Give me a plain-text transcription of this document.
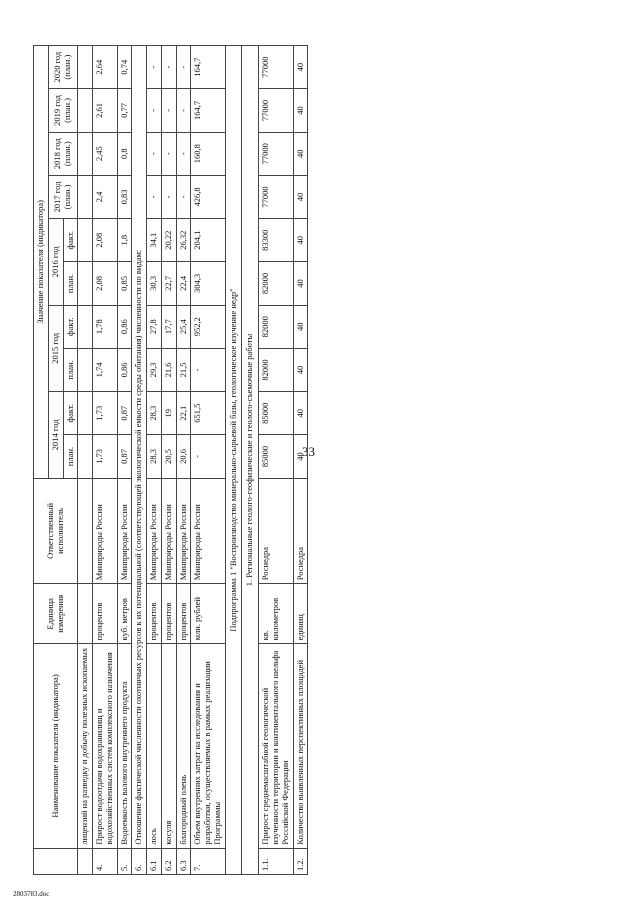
33
	Наименование показателя (индикатора)	Единица измерения	Ответственный исполнитель	Значение показателя (индикатора)									
				2014 год		2015 год		2016 год		2017 год (план.)	2018 год (план.)	2019 год (план.)	2020 год (план.)
				план.	факт.	план.	факт.	план.	факт.				
	лицензий на разведку и добычу полезных ископаемых												
4.	Прирост водоотдачи водохранилищ и водохозяйственных систем комплексного назначения	процентов	Минприроды России	1,73	1,73	1,74	1,78	2,08	2,08	2,4	2,45	2,61	2,64
5.	Водоемкость валового внутреннего продукта	куб. метров	Минприроды России	0,87	0,87	0,86	0,86	0,85	1,8	0,83	0,8	0,77	0,74
6.	Отношение фактической численности охотничьих ресурсов к их потенциальной (соответствующей экологической емкости среды обитания) численности по видам:												
6.1	лось	процентов	Минприроды России	28,3	28,3	29,3	27,8	30,3	34,1	-	-	-	-
6.2	косуля	процентов	Минприроды России	20,5	19	21,6	17,7	22,7	20,22	-	-	-	-
6.3	благородный олень	процентов	Минприроды России	20,6	22,1	21,5	25,4	22,4	26,32	-	-	-	-
7.	Объем внутренних затрат на исследования и разработки, осуществляемых в рамках реализации Программы	млн. рублей	Минприроды России	-	651,5	-	952,2	304,3	204,1	426,8	160,8	164,7	164,7
Подпрограмма 1 "Воспроизводство минерально-сырьевой базы, геологическое изучение недр"													
1. Региональные геолого-геофизические и геолого-съемочные работы													
1.1.	Прирост среднемасштабной геологической изученности территории и континентального шельфа Российской Федерации	кв. километров	Роснедра	85000	85000	82000	82000	82000	83300	77000	77000	77000	77000
1.2.	Количество выявленных перспективных площадей	единиц	Роснедра	40	40	40	40	40	40	40	40	40	40
2803783.doc
